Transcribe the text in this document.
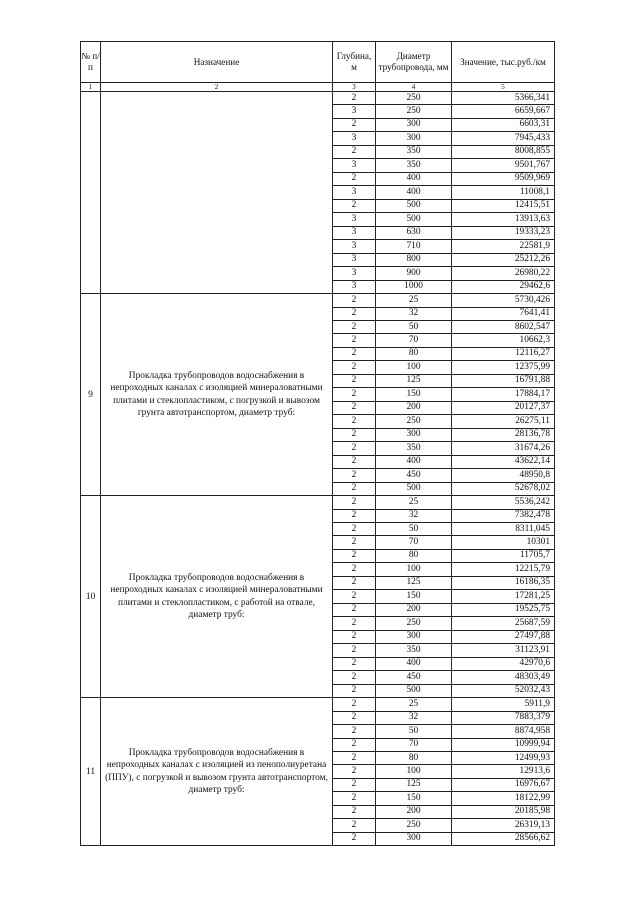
№ п/п	Назначение	Глубина, м	Диаметр трубопровода, мм	Значение, тыс.руб./км
1	2	3	4	5
		2	250	5366,341
		3	250	6659,667
		2	300	6603,31
		3	300	7945,433
		2	350	8008,855
		3	350	9501,767
		2	400	9509,969
		3	400	11008,1
		2	500	12415,51
		3	500	13913,63
		3	630	19333,23
		3	710	22581,9
		3	800	25212,26
		3	900	26980,22
		3	1000	29462,6
9	Прокладка трубопроводов водоснабжения в непроходных каналах с изоляцией минераловатными плитами и стеклопластиком, с погрузкой и вывозом грунта автотранспортом, диаметр труб:	2	25	5730,426
		2	32	7641,41
		2	50	8602,547
		2	70	10662,3
		2	80	12116,27
		2	100	12375,99
		2	125	16791,88
		2	150	17884,17
		2	200	20127,37
		2	250	26275,11
		2	300	28136,78
		2	350	31674,26
		2	400	43622,14
		2	450	48950,8
		2	500	52678,02
10	Прокладка трубопроводов водоснабжения в непроходных каналах с изоляцией минераловатными плитами и стеклопластиком, с работой на отвале, диаметр труб:	2	25	5536,242
		2	32	7382,478
		2	50	8311,045
		2	70	10301
		2	80	11705,7
		2	100	12215,79
		2	125	16186,35
		2	150	17281,25
		2	200	19525,75
		2	250	25687,59
		2	300	27497,88
		2	350	31123,91
		2	400	42970,6
		2	450	48303,49
		2	500	52032,43
11	Прокладка трубопроводов водоснабжения в непроходных каналах с изоляцией из пенополиуретана (ППУ), с погрузкой и вывозом грунта автотранспортом, диаметр труб:	2	25	5911,9
		2	32	7883,379
		2	50	8874,958
		2	70	10999,94
		2	80	12499,93
		2	100	12913,6
		2	125	16976,67
		2	150	18122,99
		2	200	20185,98
		2	250	26319,13
		2	300	28566,62
